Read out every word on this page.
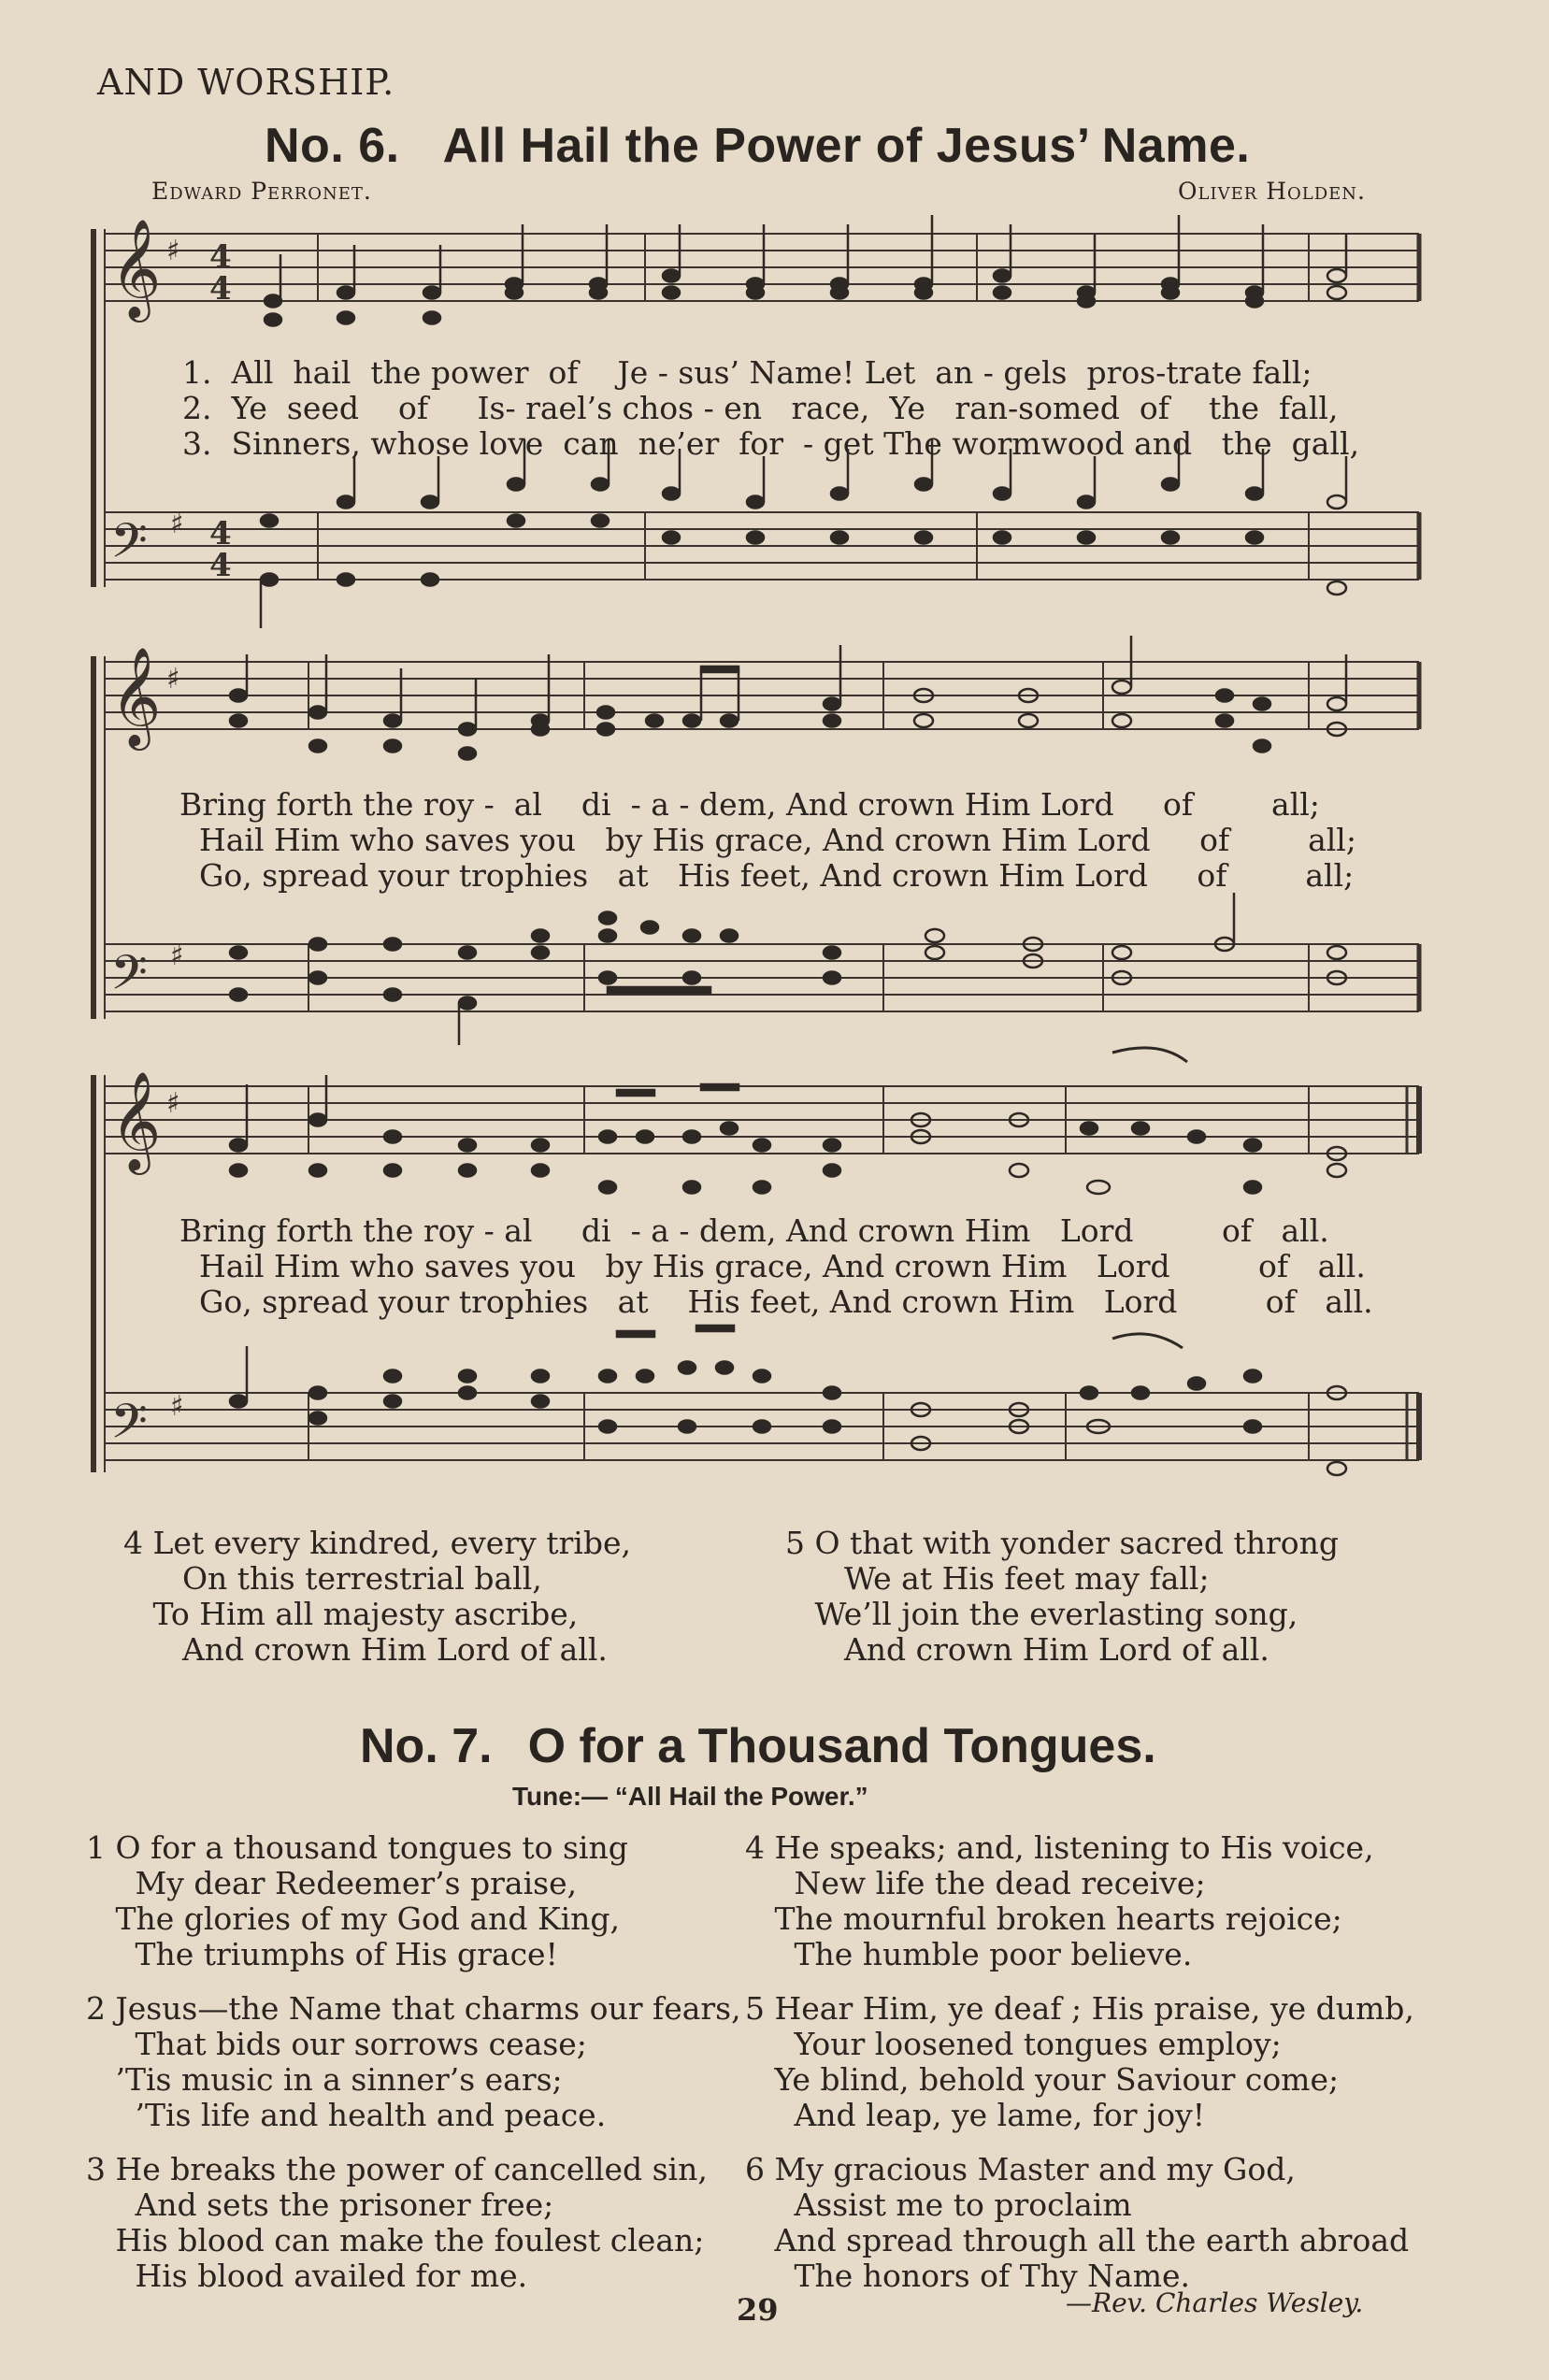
AND WORSHIP.
No. 6. All Hail the Power of Jesus’ Name.
Edward Perronet.	Oliver Holden.
𝄞
𝄢
𝄞
𝄢
𝄞
𝄢
♯
♯
♯
♯
♯
♯
4
4
4
4
1.  All  hail  the power  of    Je - sus’ Name! Let  an - gels  pros-trate fall;
2.  Ye  seed    of     Is- rael’s chos - en   race,  Ye   ran-somed  of    the  fall,
3.  Sinners, whose love  can  ne’er  for  - get The wormwood and   the  gall,
Bring forth the roy -  al    di  - a - dem, And crown Him Lord     of        all;
Hail Him who saves you   by His grace, And crown Him Lord     of        all;
Go, spread your trophies   at   His feet, And crown Him Lord     of        all;
Bring forth the roy - al     di  - a - dem, And crown Him   Lord         of   all.
Hail Him who saves you   by His grace, And crown Him   Lord         of   all.
Go, spread your trophies   at    His feet, And crown Him   Lord         of   all.
4 Let every kindred, every tribe,
On this terrestrial ball,
To Him all majesty ascribe,
And crown Him Lord of all.
5 O that with yonder sacred throng
We at His feet may fall;
We’ll join the everlasting song,
And crown Him Lord of all.
No. 7. O for a Thousand Tongues.
Tune:— “All Hail the Power.”
1 O for a thousand tongues to sing
My dear Redeemer’s praise,
The glories of my God and King,
The triumphs of His grace!
2 Jesus—the Name that charms our fears,
That bids our sorrows cease;
’Tis music in a sinner’s ears;
’Tis life and health and peace.
3 He breaks the power of cancelled sin,
And sets the prisoner free;
His blood can make the foulest clean;
His blood availed for me.
4 He speaks; and, listening to His voice,
New life the dead receive;
The mournful broken hearts rejoice;
The humble poor believe.
5 Hear Him, ye deaf ; His praise, ye dumb,
Your loosened tongues employ;
Ye blind, behold your Saviour come;
And leap, ye lame, for joy!
6 My gracious Master and my God,
Assist me to proclaim
And spread through all the earth abroad
The honors of Thy Name.
29	—Rev. Charles Wesley.
